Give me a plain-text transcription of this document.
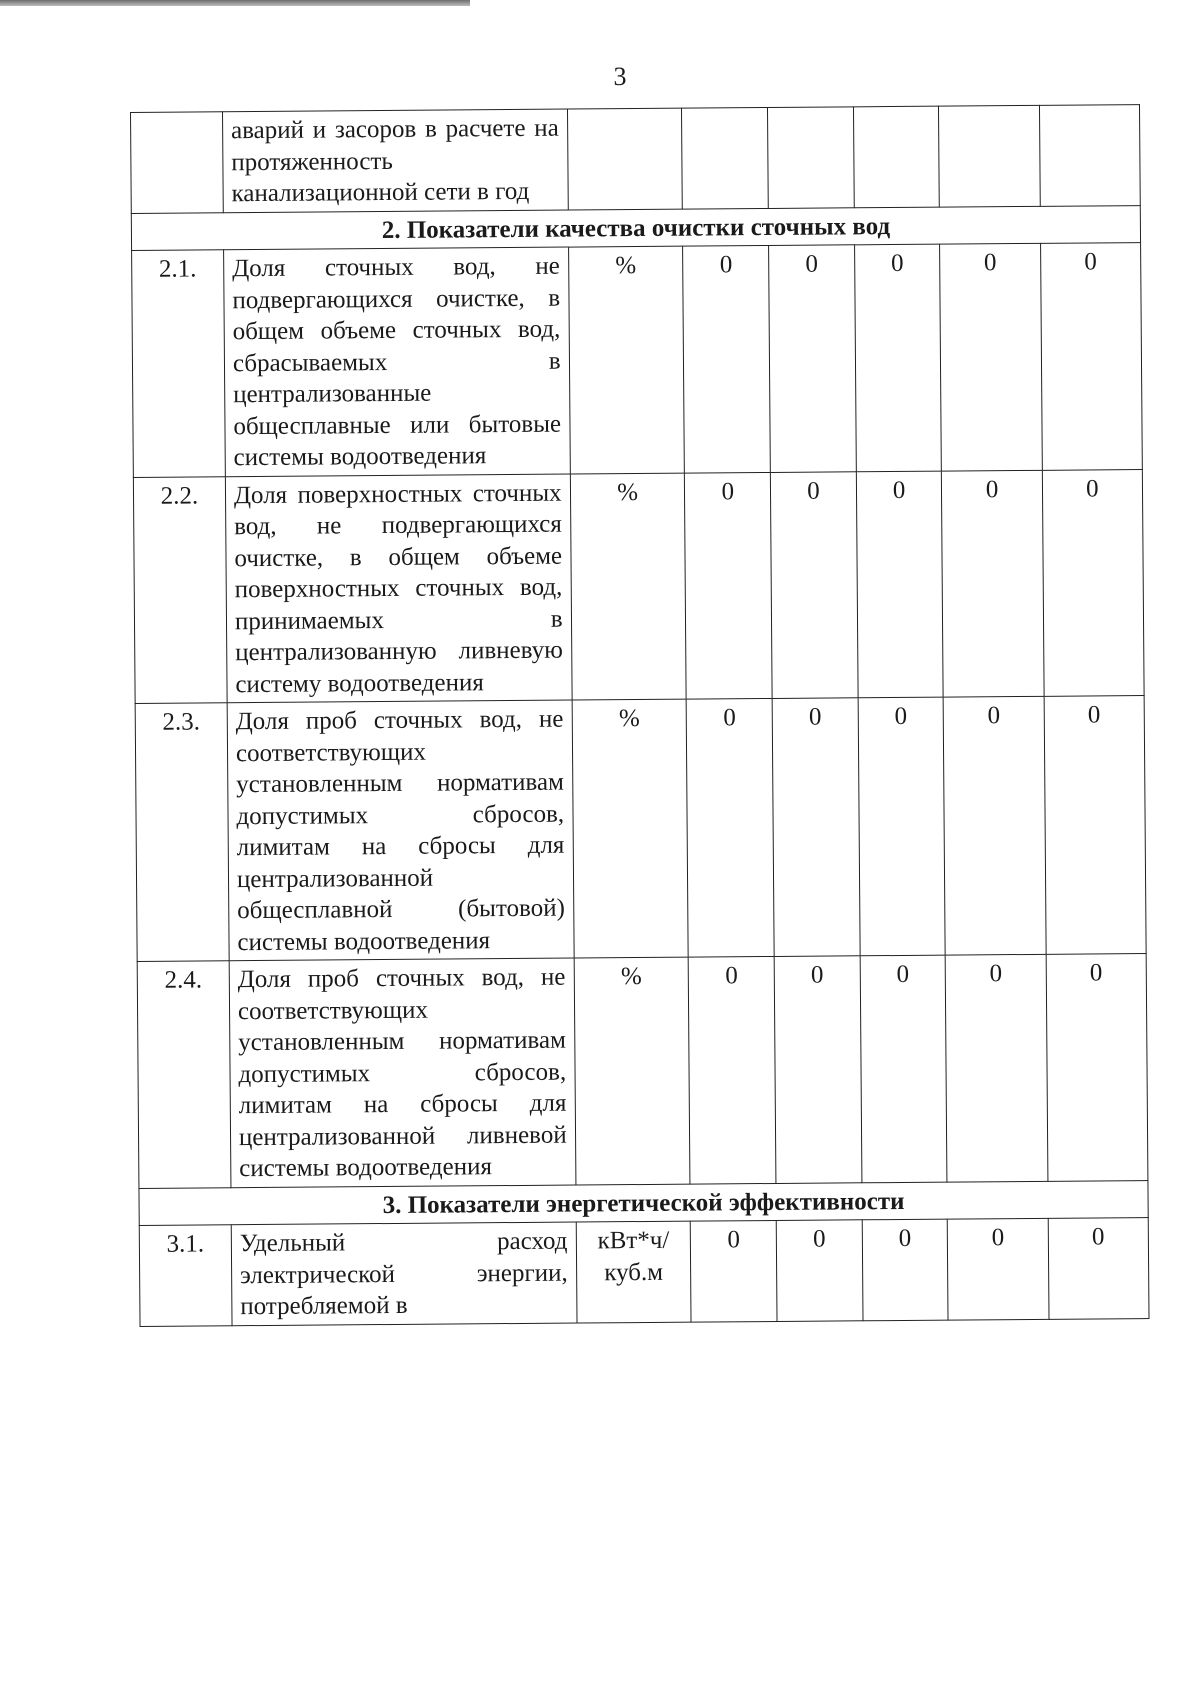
3
	аварий и засоров в расчете на протяженность канализационной сети в год						
2. Показатели качества очистки сточных вод							
2.1.	Доля сточных вод, не подвергающихся очистке, в общем объеме сточных вод, сбрасываемых в централизованные общесплавные или бытовые системы водоотведения	%	0	0	0	0	0
2.2.	Доля поверхностных сточных вод, не подвергающихся очистке, в общем объеме поверхностных сточных вод, принимаемых в централизованную ливневую систему водоотведения	%	0	0	0	0	0
2.3.	Доля проб сточных вод, не соответствующих установленным нормативам допустимых сбросов, лимитам на сбросы для централизованной общесплавной (бытовой) системы водоотведения	%	0	0	0	0	0
2.4.	Доля проб сточных вод, не соответствующих установленным нормативам допустимых сбросов, лимитам на сбросы для централизованной ливневой системы водоотведения	%	0	0	0	0	0
3. Показатели энергетической эффективности							
3.1.	Удельный расход электрической энергии, потребляемой в	кВт*ч/ куб.м	0	0	0	0	0
